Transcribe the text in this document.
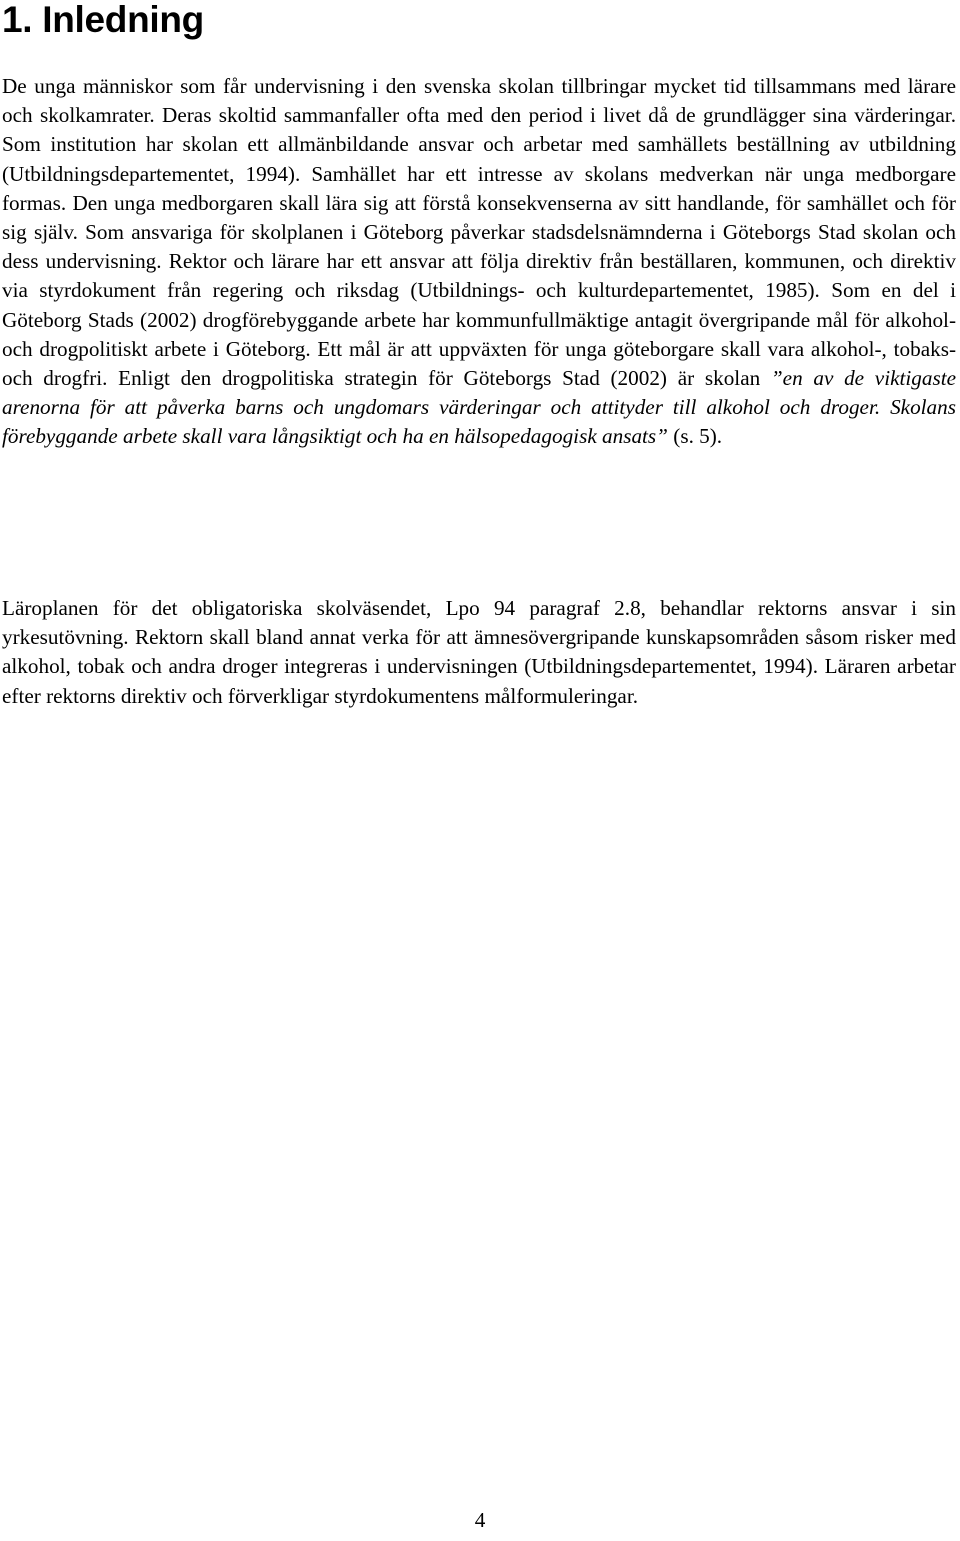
1. Inledning

De unga människor som får undervisning i den svenska skolan tillbringar mycket tid tillsammans med lärare och skolkamrater. Deras skoltid sammanfaller ofta med den period i livet då de grundlägger sina värderingar. Som institution har skolan ett allmänbildande ansvar och arbetar med samhällets beställning av utbildning (Utbildningsdepartementet, 1994). Samhället har ett intresse av skolans medverkan när unga medborgare formas. Den unga medborgaren skall lära sig att förstå konsekvenserna av sitt handlande, för samhället och för sig själv. Som ansvariga för skolplanen i Göteborg påverkar stadsdelsnämnderna i Göteborgs Stad skolan och dess undervisning. Rektor och lärare har ett ansvar att följa direktiv från beställaren, kommunen, och direktiv via styrdokument från regering och riksdag (Utbildnings- och kulturdepartementet, 1985). Som en del i Göteborg Stads (2002) drogförebyggande arbete har kommunfullmäktige antagit övergripande mål för alkohol- och drogpolitiskt arbete i Göteborg. Ett mål är att uppväxten för unga göteborgare skall vara alkohol-, tobaks- och drogfri. Enligt den drogpolitiska strategin för Göteborgs Stad (2002) är skolan ”en av de viktigaste arenorna för att påverka barns och ungdomars värderingar och attityder till alkohol och droger. Skolans förebyggande arbete skall vara långsiktigt och ha en hälsopedagogisk ansats” (s. 5).

Läroplanen för det obligatoriska skolväsendet, Lpo 94 paragraf 2.8, behandlar rektorns ansvar i sin yrkesutövning. Rektorn skall bland annat verka för att ämnesövergripande kunskapsområden såsom risker med alkohol, tobak och andra droger integreras i undervisningen (Utbildningsdepartementet, 1994). Läraren arbetar efter rektorns direktiv och förverkligar styrdokumentens målformuleringar.

4
